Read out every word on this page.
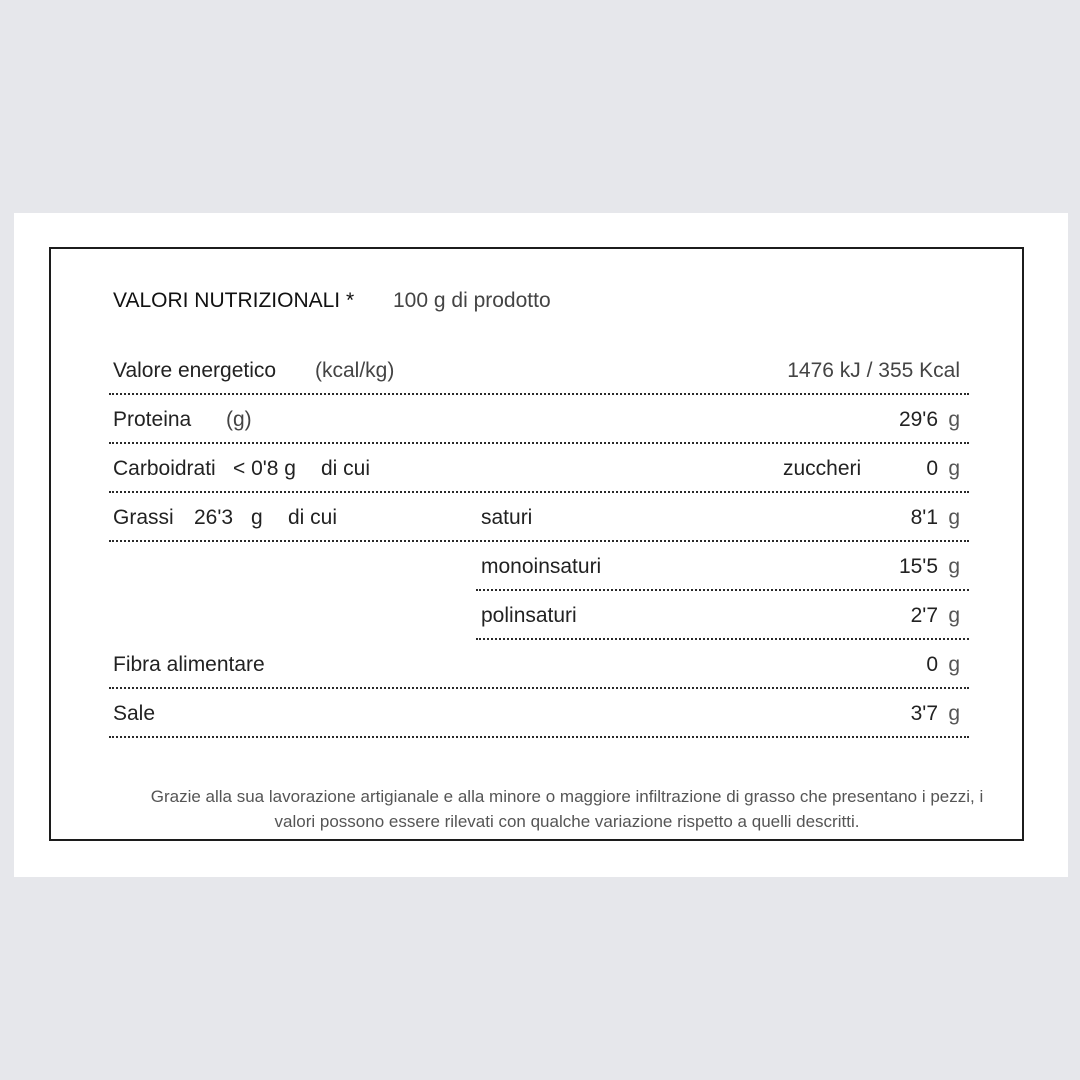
VALORI NUTRIZIONALI * 100 g di prodotto
Valore energetico (kcal/kg)	1476 kJ / 355 Kcal
Proteina (g)	29'6 g
Carboidrati < 0'8 g di cui	zuccheri	0 g
Grassi 26'3 g di cui	saturi	8'1 g
monoinsaturi	15'5 g
polinsaturi	2'7 g
Fibra alimentare	0 g
Sale	3'7 g
Grazie alla sua lavorazione artigianale e alla minore o maggiore infiltrazione di grasso che presentano i pezzi, i valori possono essere rilevati con qualche variazione rispetto a quelli descritti.
